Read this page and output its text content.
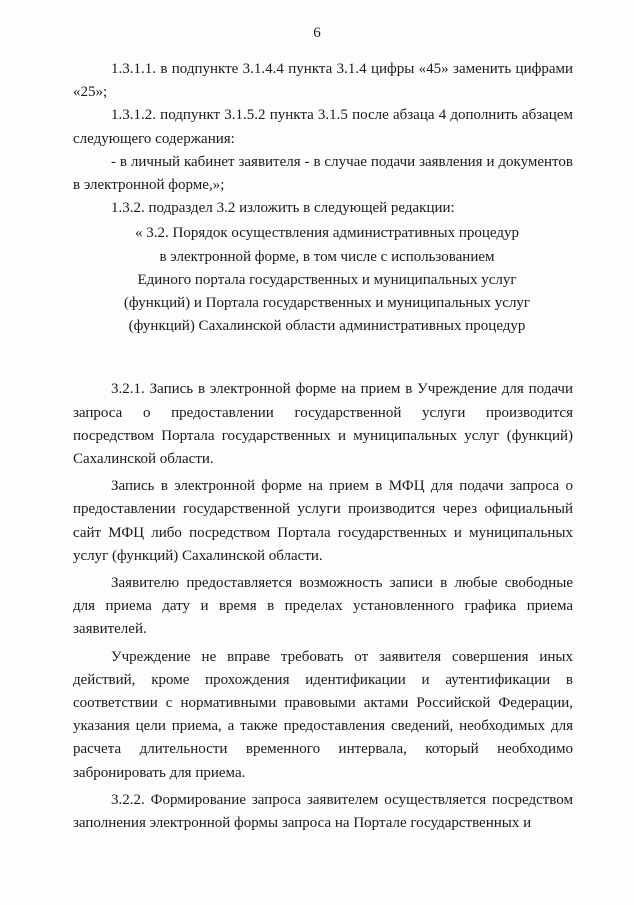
6

1.3.1.1. в подпункте 3.1.4.4 пункта 3.1.4 цифры «45» заменить цифрами «25»;

1.3.1.2. подпункт 3.1.5.2 пункта 3.1.5 после абзаца 4 дополнить абзацем следующего содержания:

- в личный кабинет заявителя - в случае подачи заявления и документов в электронной форме,»;

1.3.2. подраздел 3.2 изложить в следующей редакции:

« 3.2. Порядок осуществления административных процедур
в электронной форме, в том числе с использованием
Единого портала государственных и муниципальных услуг
(функций) и Портала государственных и муниципальных услуг
(функций) Сахалинской области административных процедур

3.2.1. Запись в электронной форме на прием в Учреждение для подачи запроса о предоставлении государственной услуги производится посредством Портала государственных и муниципальных услуг (функций) Сахалинской области.

Запись в электронной форме на прием в МФЦ для подачи запроса о предоставлении государственной услуги производится через официальный сайт МФЦ либо посредством Портала государственных и муниципальных услуг (функций) Сахалинской области.

Заявителю предоставляется возможность записи в любые свободные для приема дату и время в пределах установленного графика приема заявителей.

Учреждение не вправе требовать от заявителя совершения иных действий, кроме прохождения идентификации и аутентификации в соответствии с нормативными правовыми актами Российской Федерации, указания цели приема, а также предоставления сведений, необходимых для расчета длительности временного интервала, который необходимо забронировать для приема.

3.2.2. Формирование запроса заявителем осуществляется посредством заполнения электронной формы запроса на Портале государственных и
